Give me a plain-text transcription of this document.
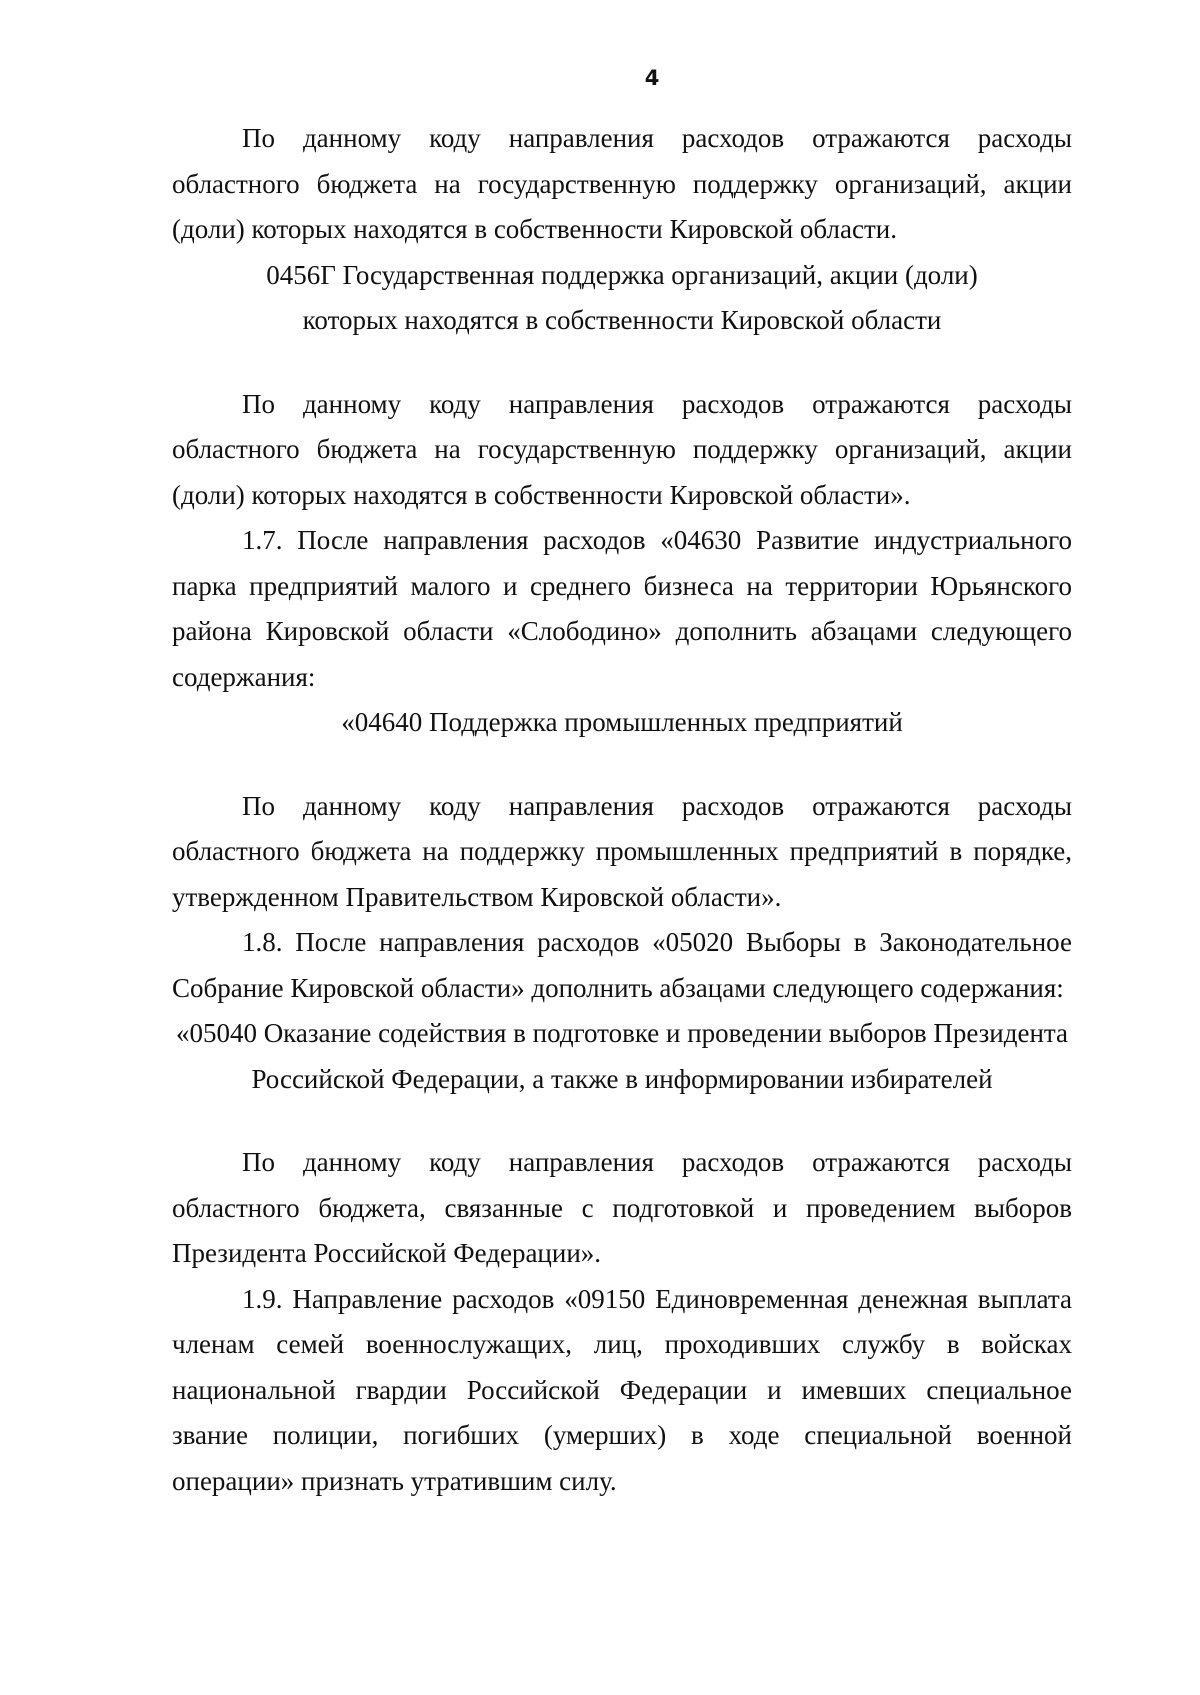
4

По данному коду направления расходов отражаются расходы областного бюджета на государственную поддержку организаций, акции (доли) которых находятся в собственности Кировской области.

0456Г Государственная поддержка организаций, акции (доли)

которых находятся в собственности Кировской области

По данному коду направления расходов отражаются расходы областного бюджета на государственную поддержку организаций, акции (доли) которых находятся в собственности Кировской области».

1.7. После направления расходов «04630 Развитие индустриального парка предприятий малого и среднего бизнеса на территории Юрьянского района Кировской области «Слободино» дополнить абзацами следующего содержания:

«04640 Поддержка промышленных предприятий

По данному коду направления расходов отражаются расходы областного бюджета на поддержку промышленных предприятий в порядке, утвержденном Правительством Кировской области».

1.8. После направления расходов «05020 Выборы в Законодательное Собрание Кировской области» дополнить абзацами следующего содержания:

«05040 Оказание содействия в подготовке и проведении выборов Президента

Российской Федерации, а также в информировании избирателей

По данному коду направления расходов отражаются расходы областного бюджета, связанные с подготовкой и проведением выборов Президента Российской Федерации».

1.9. Направление расходов «09150 Единовременная денежная выплата членам семей военнослужащих, лиц, проходивших службу в войсках национальной гвардии Российской Федерации и имевших специальное звание полиции, погибших (умерших) в ходе специальной военной операции» признать утратившим силу.
